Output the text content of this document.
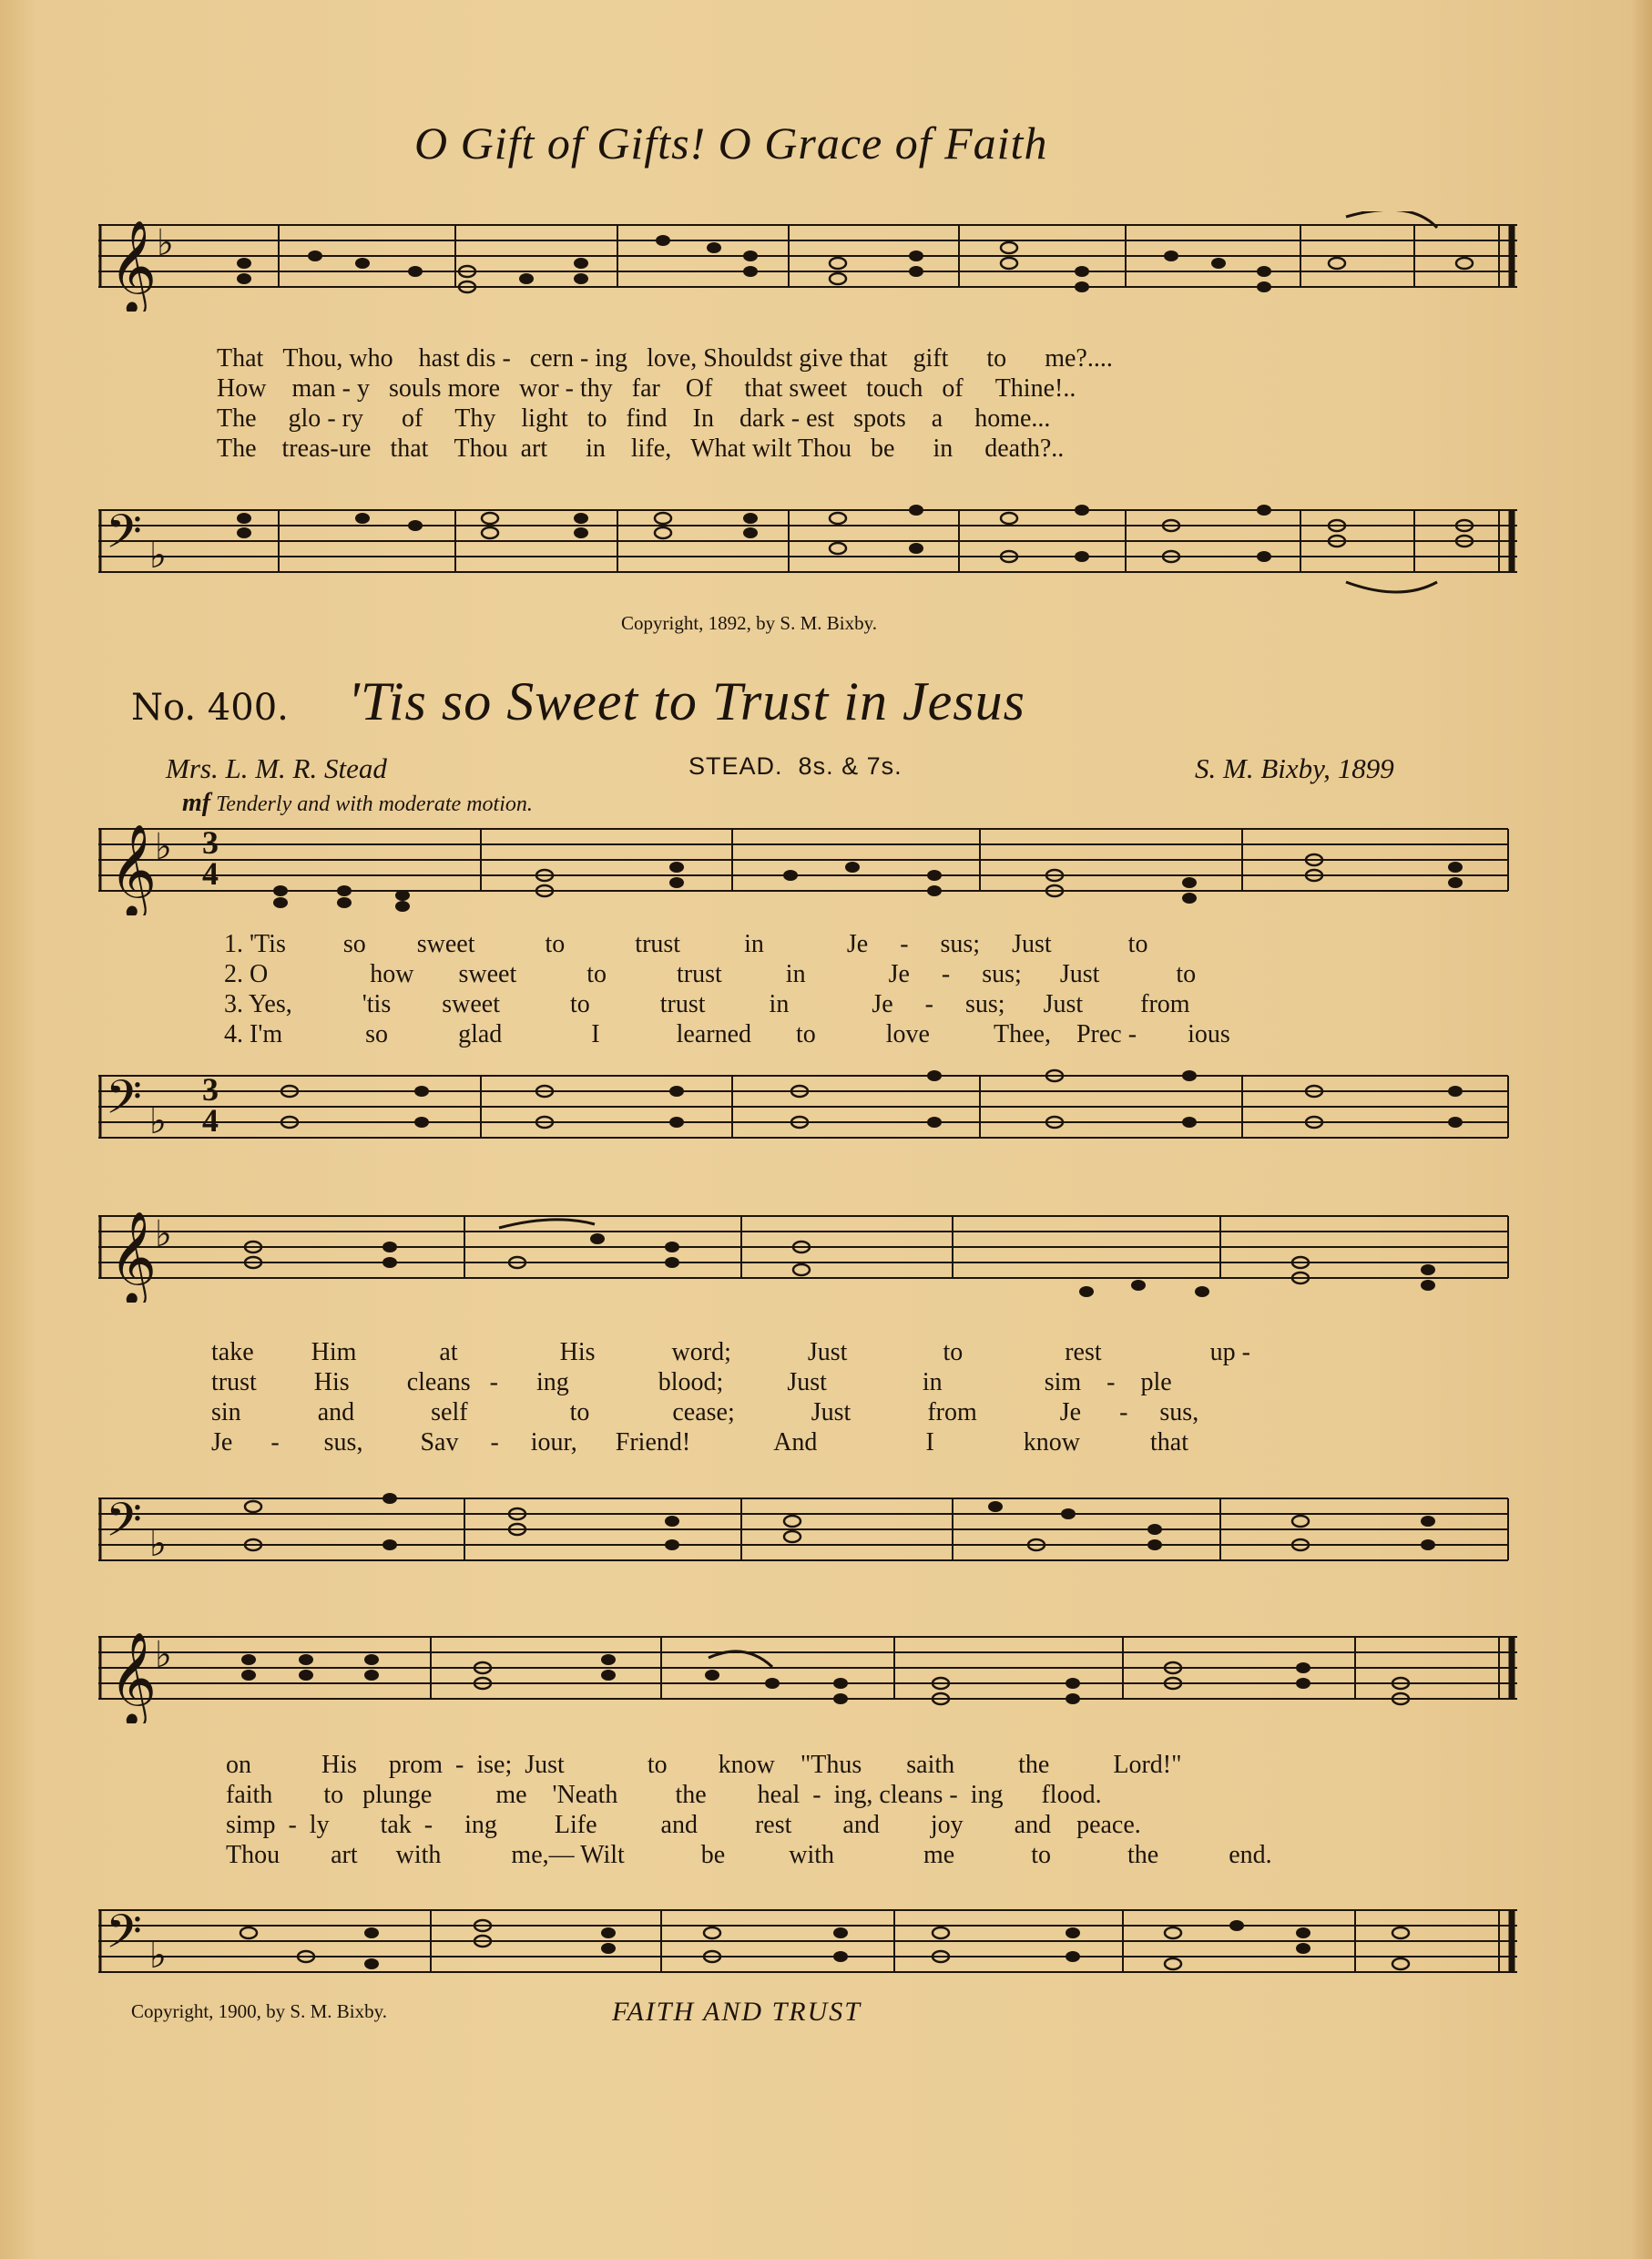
O Gift of Gifts! O Grace of Faith
𝄞 ♭
That Thou, who hast dis - cern - ing love, Shouldst give that gift to me?....
How man - y souls more wor - thy far Of that sweet touch of Thine!..
The glo - ry of Thy light to find In dark - est spots a home...
The treas-ure that Thou art in life, What wilt Thou be in death?..
𝄢 ♭
Copyright, 1892, by S. M. Bixby.
No. 400. 'Tis so Sweet to Trust in Jesus
Mrs. L. M. R. Stead	STEAD. 8s. & 7s.	S. M. Bixby, 1899
mf Tenderly and with moderate motion.
𝄞
♭ 3
4
1. 'Tis so sweet	to	trust	in	Je - sus; Just	to
2. O	how sweet	to	trust	in	Je - sus; Just	to
3. Yes,	'tis sweet	to	trust	in	Je - sus; Just from
4. I'm	so	glad	I	learned to	love	Thee, Prec - ious
𝄢 ♭
3
4
𝄞
♭
take Him	at	His	word;	Just	to	rest	up -
trust His cleans - ing	blood;	Just	in	sim - ple
sin	and	self	to	cease;	Just	from	Je - sus,
Je - sus, Sav - iour, Friend!	And	I	know	that
𝄢 ♭
𝄞
♭
on	His prom - ise; Just	to know "Thus saith	the	Lord!"
faith to plunge	me 'Neath the heal - ing, cleans - ing flood.
simp - ly tak - ing Life	and rest and joy and peace.
Thou art with	me,— Wilt	be	with	me	to	the	end.
𝄢 ♭
Copyright, 1900, by S. M. Bixby.	FAITH AND TRUST
